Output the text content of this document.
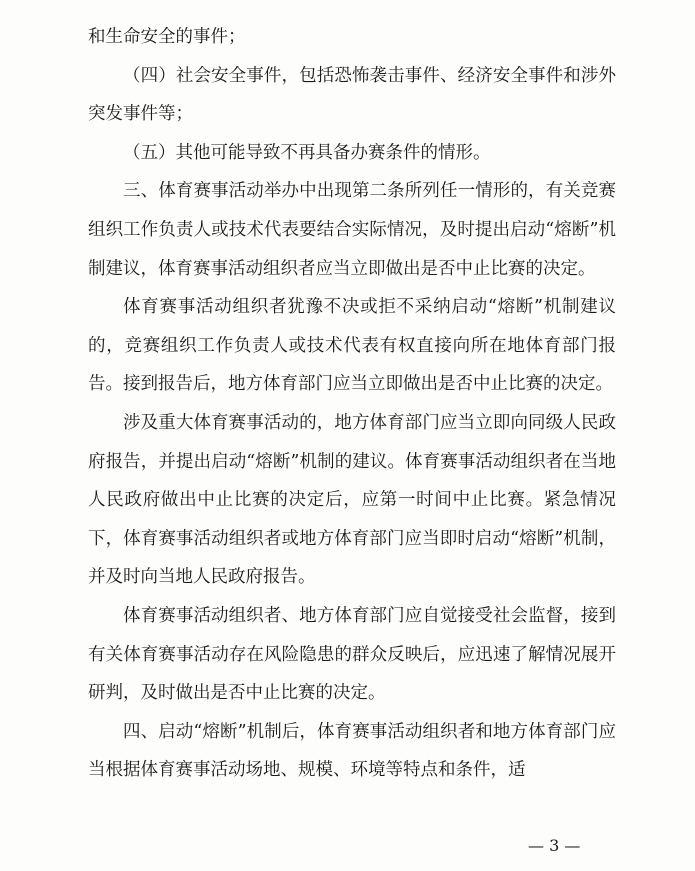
和生命安全的事件；

（四）社会安全事件，包括恐怖袭击事件、经济安全事件和涉外突发事件等；

（五）其他可能导致不再具备办赛条件的情形。

三、体育赛事活动举办中出现第二条所列任一情形的，有关竞赛组织工作负责人或技术代表要结合实际情况，及时提出启动“熔断”机制建议，体育赛事活动组织者应当立即做出是否中止比赛的决定。

体育赛事活动组织者犹豫不决或拒不采纳启动“熔断”机制建议的，竞赛组织工作负责人或技术代表有权直接向所在地体育部门报告。接到报告后，地方体育部门应当立即做出是否中止比赛的决定。

涉及重大体育赛事活动的，地方体育部门应当立即向同级人民政府报告，并提出启动“熔断”机制的建议。体育赛事活动组织者在当地人民政府做出中止比赛的决定后，应第一时间中止比赛。紧急情况下，体育赛事活动组织者或地方体育部门应当即时启动“熔断”机制，并及时向当地人民政府报告。

体育赛事活动组织者、地方体育部门应自觉接受社会监督，接到有关体育赛事活动存在风险隐患的群众反映后，应迅速了解情况展开研判，及时做出是否中止比赛的决定。

四、启动“熔断”机制后，体育赛事活动组织者和地方体育部门应当根据体育赛事活动场地、规模、环境等特点和条件，适

— 3 —
